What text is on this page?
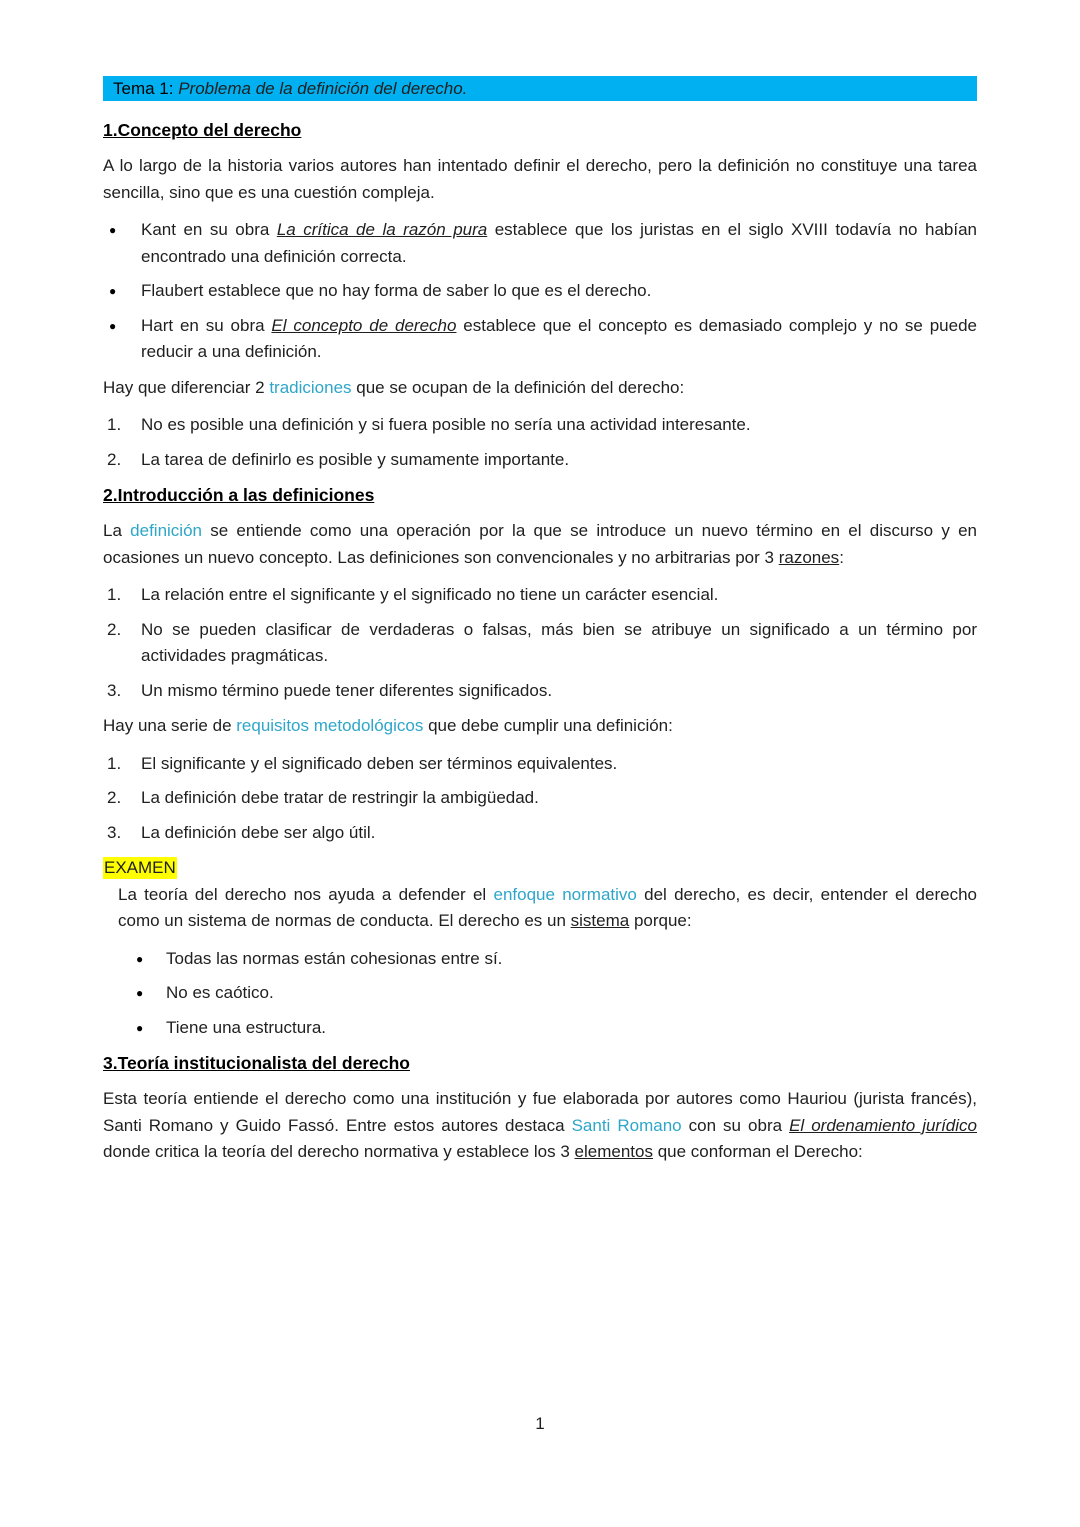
Tema 1: Problema de la definición del derecho.
1.Concepto del derecho

A lo largo de la historia varios autores han intentado definir el derecho, pero la definición no constituye una tarea sencilla, sino que es una cuestión compleja.

● Kant en su obra La crítica de la razón pura establece que los juristas en el siglo XVIII todavía no habían encontrado una definición correcta.
● Flaubert establece que no hay forma de saber lo que es el derecho.
● Hart en su obra El concepto de derecho establece que el concepto es demasiado complejo y no se puede reducir a una definición.

Hay que diferenciar 2 tradiciones que se ocupan de la definición del derecho:

1. No es posible una definición y si fuera posible no sería una actividad interesante.
2. La tarea de definirlo es posible y sumamente importante.
2.Introducción a las definiciones

La definición se entiende como una operación por la que se introduce un nuevo término en el discurso y en ocasiones un nuevo concepto. Las definiciones son convencionales y no arbitrarias por 3 razones:

1. La relación entre el significante y el significado no tiene un carácter esencial.
2. No se pueden clasificar de verdaderas o falsas, más bien se atribuye un significado a un término por actividades pragmáticas.
3. Un mismo término puede tener diferentes significados.

Hay una serie de requisitos metodológicos que debe cumplir una definición:

1. El significante y el significado deben ser términos equivalentes.
2. La definición debe tratar de restringir la ambigüedad.
3. La definición debe ser algo útil.
EXAMEN

La teoría del derecho nos ayuda a defender el enfoque normativo del derecho, es decir, entender el derecho como un sistema de normas de conducta. El derecho es un sistema porque:

● Todas las normas están cohesionas entre sí.
● No es caótico.
● Tiene una estructura.
3.Teoría institucionalista del derecho

Esta teoría entiende el derecho como una institución y fue elaborada por autores como Hauriou (jurista francés), Santi Romano y Guido Fassó. Entre estos autores destaca Santi Romano con su obra El ordenamiento jurídico donde critica la teoría del derecho normativa y establece los 3 elementos que conforman el Derecho:

1
